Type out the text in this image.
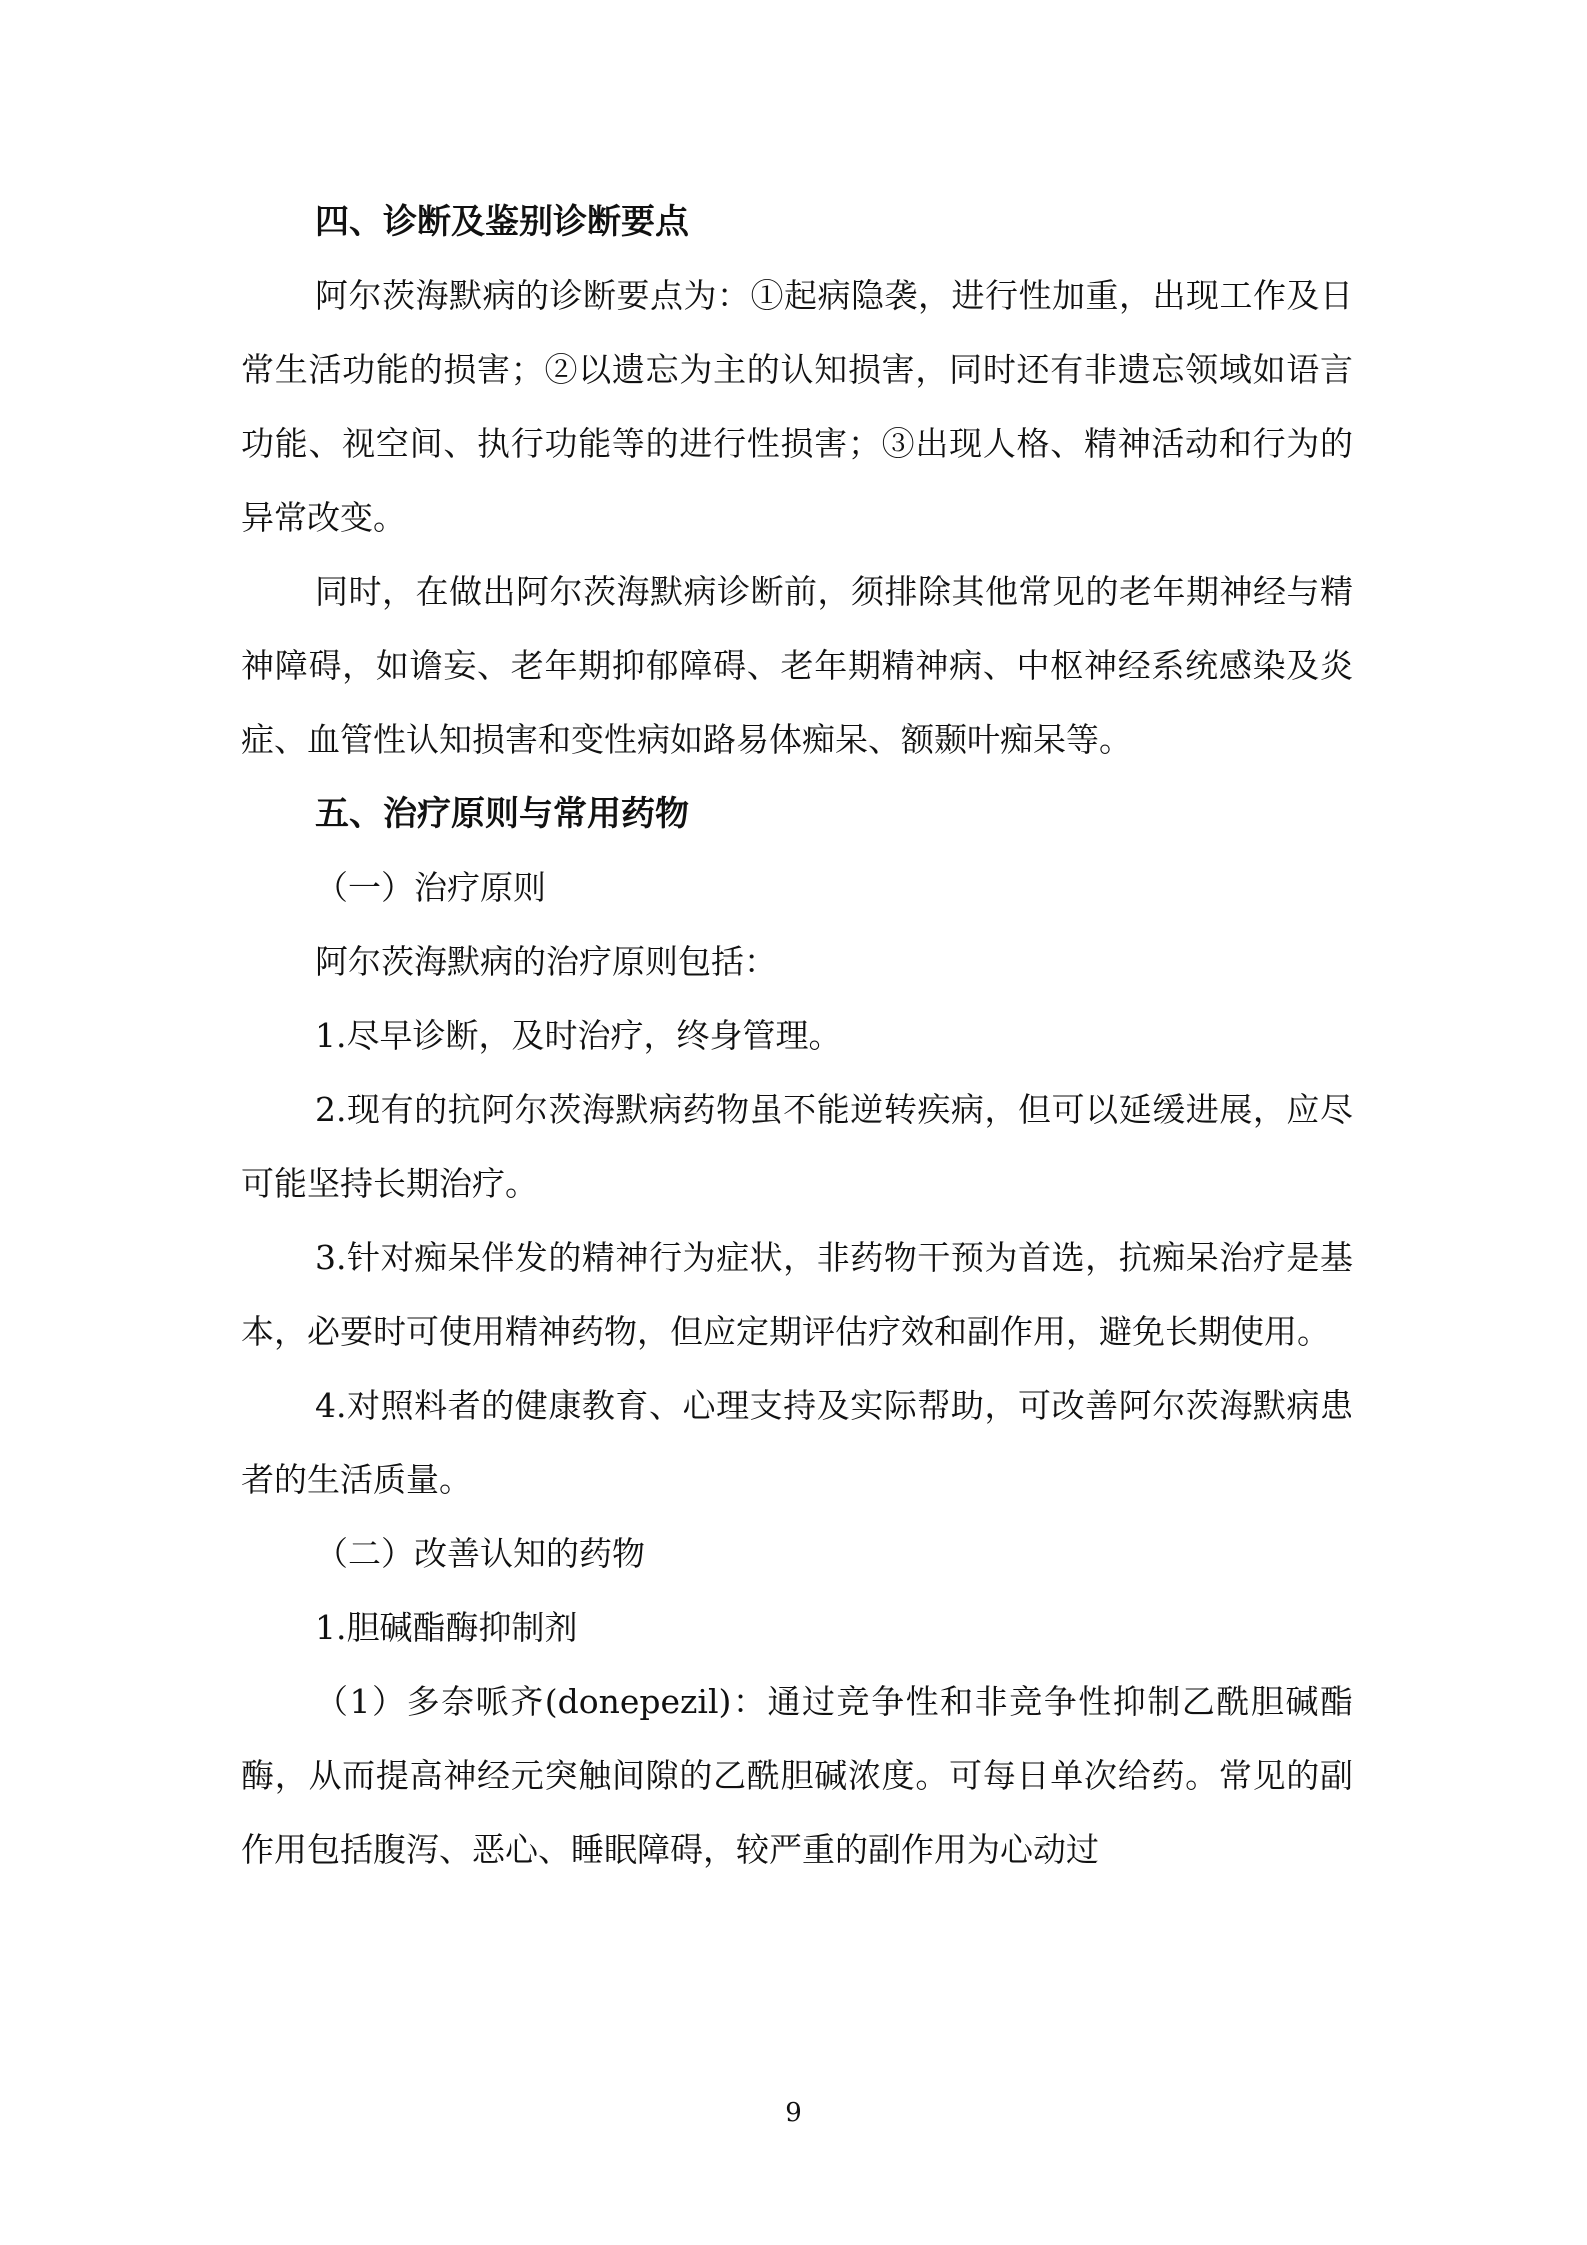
四、诊断及鉴别诊断要点

阿尔茨海默病的诊断要点为：①起病隐袭，进行性加重，出现工作及日常生活功能的损害；②以遗忘为主的认知损害，同时还有非遗忘领域如语言功能、视空间、执行功能等的进行性损害；③出现人格、精神活动和行为的异常改变。

同时，在做出阿尔茨海默病诊断前，须排除其他常见的老年期神经与精神障碍，如谵妄、老年期抑郁障碍、老年期精神病、中枢神经系统感染及炎症、血管性认知损害和变性病如路易体痴呆、额颞叶痴呆等。

五、治疗原则与常用药物
（一）治疗原则

阿尔茨海默病的治疗原则包括：

1.尽早诊断，及时治疗，终身管理。

2.现有的抗阿尔茨海默病药物虽不能逆转疾病，但可以延缓进展，应尽可能坚持长期治疗。

3.针对痴呆伴发的精神行为症状，非药物干预为首选，抗痴呆治疗是基本，必要时可使用精神药物，但应定期评估疗效和副作用，避免长期使用。

4.对照料者的健康教育、心理支持及实际帮助，可改善阿尔茨海默病患者的生活质量。

（二）改善认知的药物

1.胆碱酯酶抑制剂

（1）多奈哌齐(donepezil)：通过竞争性和非竞争性抑制乙酰胆碱酯酶，从而提高神经元突触间隙的乙酰胆碱浓度。可每日单次给药。常见的副作用包括腹泻、恶心、睡眠障碍，较严重的副作用为心动过

9
